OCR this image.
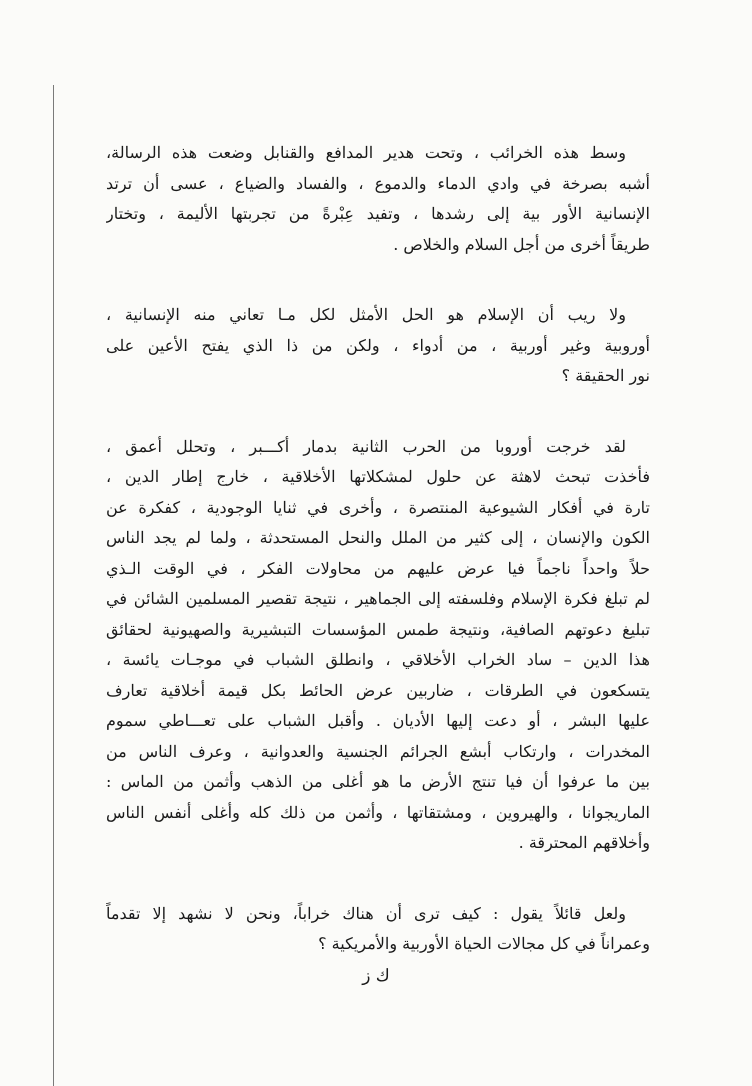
وسط هذه الخرائب ، وتحت هدير المدافع والقنابل وضعت هذه الرسالة،
أشبه بصرخة في وادي الدماء والدموع ، والفساد والضياع ، عسى أن ترتد
الإنسانية الأور بية إلى رشدها ، وتفيد عِبْرةً من تجربتها الأليمة ، وتختار
طريقاً أخرى من أجل السلام والخلاص .

ولا ريب أن الإسلام هو الحل الأمثل لكل مـا تعاني منه الإنسانية ،
أوروبية وغير أوربية ، من أدواء ، ولكن من ذا الذي يفتح الأعين على
نور الحقيقة ؟

لقد خرجت أوروبا من الحرب الثانية بدمار أكـــبر ، وتحلل أعمق ،
فأخذت تبحث لاهثة عن حلول لمشكلاتها الأخلاقية ، خارج إطار الدين ،
تارة في أفكار الشيوعية المنتصرة ، وأخرى في ثنايا الوجودية ، كفكرة عن
الكون والإنسان ، إلى كثير من الملل والنحل المستحدثة ، ولما لم يجد الناس
حلاً واحداً ناجماً فيا عرض عليهم من محاولات الفكر ، في الوقت الـذي
لم تبلغ فكرة الإسلام وفلسفته إلى الجماهير ، نتيجة تقصير المسلمين الشائن في
تبليغ دعوتهم الصافية، ونتيجة طمس المؤسسات التبشيرية والصهيونية لحقائق
هذا الدين – ساد الخراب الأخلاقي ، وانطلق الشباب في موجـات يائسة ،
يتسكعون في الطرقات ، ضاربين عرض الحائط بكل قيمة أخلاقية تعارف
عليها البشر ، أو دعت إليها الأديان . وأقبل الشباب على تعـــاطي سموم
المخدرات ، وارتكاب أبشع الجرائم الجنسية والعدوانية ، وعرف الناس من
بين ما عرفوا أن فيا تنتج الأرض ما هو أغلى من الذهب وأثمن من الماس :
الماريجوانا ، والهيروين ، ومشتقاتها ، وأثمن من ذلك كله وأغلى أنفس الناس
وأخلاقهم المحترقة .

ولعل قائلاً يقول : كيف ترى أن هناك خراباً، ونحن لا نشهد إلا تقدماً
وعمراناً في كل مجالات الحياة الأوربية والأمريكية ؟

ك ز
